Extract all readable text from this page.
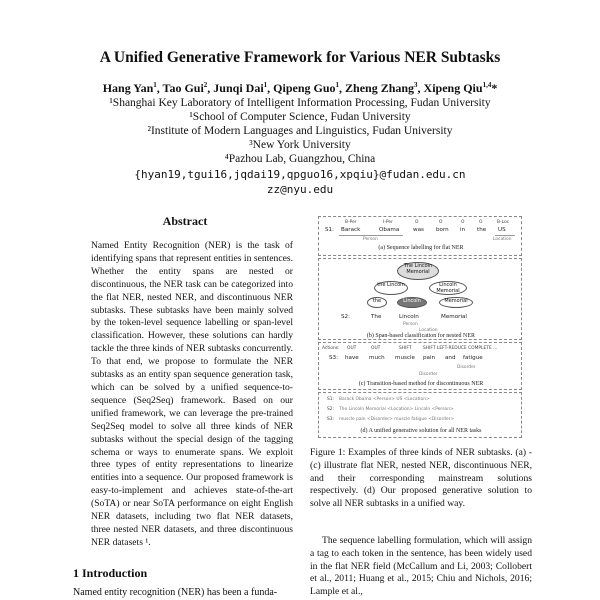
A Unified Generative Framework for Various NER Subtasks
Hang Yan$^1$, Tao Gui$^2$, Junqi Dai$^1$, Qipeng Guo$^1$, Zheng Zhang$^3$, Xipeng Qiu$^{1,4}$*
¹Shanghai Key Laboratory of Intelligent Information Processing, Fudan University
¹School of Computer Science, Fudan University
²Institute of Modern Languages and Linguistics, Fudan University
³New York University
⁴Pazhou Lab, Guangzhou, China
{hyan19,tgui16,jqdai19,qpguo16,xpqiu}@fudan.edu.cn
zz@nyu.edu
Abstract
Named Entity Recognition (NER) is the task of identifying spans that represent entities in sentences. Whether the entity spans are nested or discontinuous, the NER task can be categorized into the flat NER, nested NER, and discontinuous NER subtasks. These subtasks have been mainly solved by the token-level sequence labelling or span-level classification. However, these solutions can hardly tackle the three kinds of NER subtasks concurrently. To that end, we propose to formulate the NER subtasks as an entity span sequence generation task, which can be solved by a unified sequence-to-sequence (Seq2Seq) framework. Based on our unified framework, we can leverage the pre-trained Seq2Seq model to solve all three kinds of NER subtasks without the special design of the tagging schema or ways to enumerate spans. We exploit three types of entity representations to linearize entities into a sequence. Our proposed framework is easy-to-implement and achieves state-of-the-art (SoTA) or near SoTA performance on eight English NER datasets, including two flat NER datasets, three nested NER datasets, and three discontinuous NER datasets ¹.
1 Introduction
Named entity recognition (NER) has been a funda-
B-Per	I-Per	O	O	O	O	B-Loc
S1: Barack	Obama was born in the US
Person	Location
(a) Sequence labelling for flat NER
The Lincoln Memorial
the Lincoln	Lincoln Memorial
the	Lincoln	Memorial
S2:	The	Lincoln	Memorial
Person
Location
(b) Span-based classification for nested NER
Actions: OUT	OUT	SHIFT	SHIFT LEFT-REDUCE COMPLETE ...
S3: have much muscle pain and fatigue
Disorder
Disorder
(c) Transition-based method for discontinuous NER
S1: Barack Obama <Person> US <Location>
S2: The Lincoln Memorial <Location> Lincoln <Person>
S3: muscle pain <Disorder> muscle fatigue <Disorder>
(d) A unified generative solution for all NER tasks
Figure 1: Examples of three kinds of NER subtasks. (a) - (c) illustrate flat NER, nested NER, discontinuous NER, and their corresponding mainstream solutions respectively. (d) Our proposed generative solution to solve all NER subtasks in a unified way.
The sequence labelling formulation, which will assign a tag to each token in the sentence, has been widely used in the flat NER field (McCallum and Li, 2003; Collobert et al., 2011; Huang et al., 2015; Chiu and Nichols, 2016; Lample et al.,
